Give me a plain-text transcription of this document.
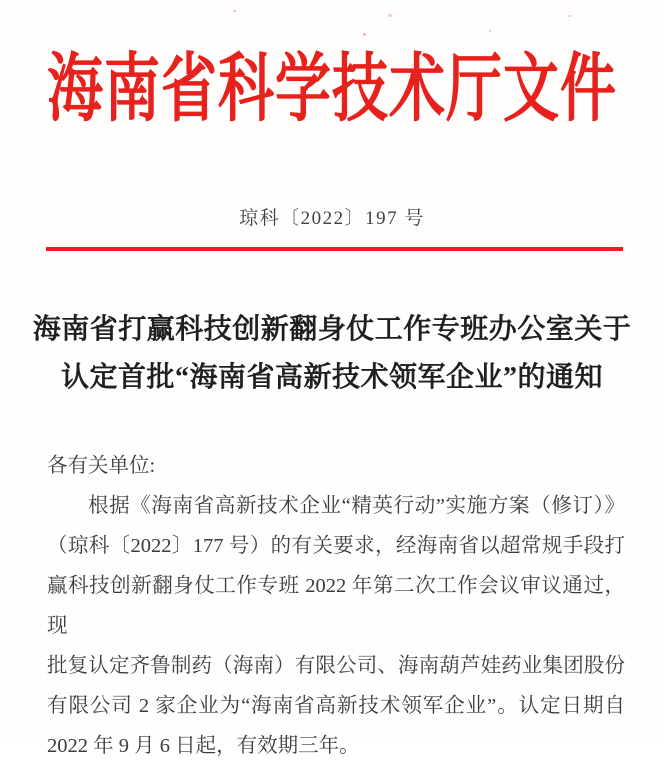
海南省科学技术厅文件
琼科〔2022〕197 号
海南省打赢科技创新翻身仗工作专班办公室关于
认定首批“海南省高新技术领军企业”的通知
各有关单位:
根据《海南省高新技术企业“精英行动”实施方案（修订）》
（琼科〔2022〕177 号）的有关要求，经海南省以超常规手段打
赢科技创新翻身仗工作专班 2022 年第二次工作会议审议通过，现
批复认定齐鲁制药（海南）有限公司、海南葫芦娃药业集团股份
有限公司 2 家企业为“海南省高新技术领军企业”。认定日期自
2022 年 9 月 6 日起，有效期三年。
